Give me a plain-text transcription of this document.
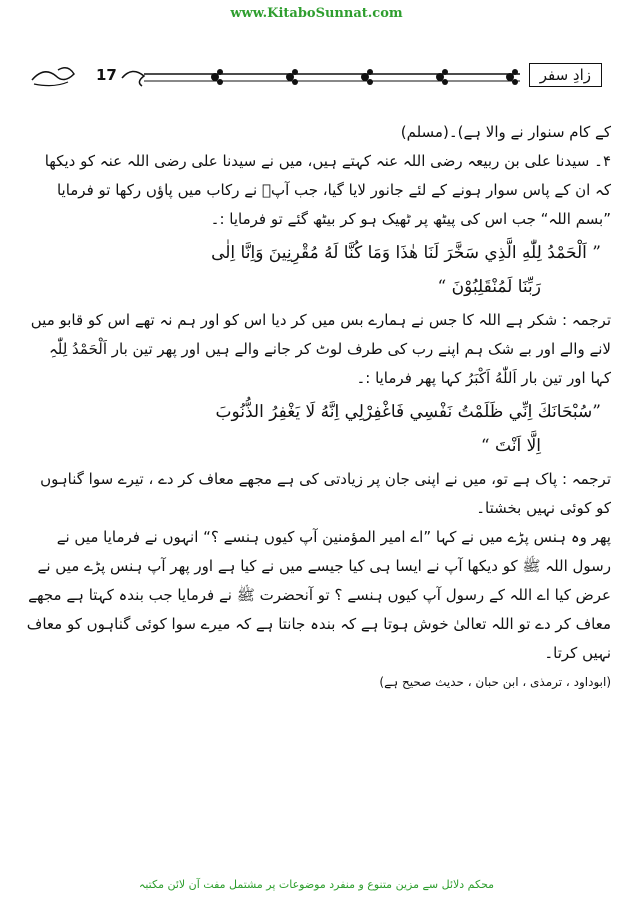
www.KitaboSunnat.com
17	زادِ سفر

کے کام سنوار نے والا ہے)۔(مسلم)

۴۔ سیدنا علی بن ربیعہ رضی اللہ عنہ کہتے ہیں، میں نے سیدنا علی رضی اللہ عنہ کو دیکھا کہ ان کے پاس سوار ہونے کے لئے جانور لایا گیا، جب آپؓ نے رکاب میں پاؤں رکھا تو فرمایا ”بسم اللہ“ جب اس کی پیٹھ پر ٹھیک ہو کر بیٹھ گئے تو فرمایا :۔

” اَلْحَمْدُ لِلّٰهِ الَّذِي سَخَّرَ لَنَا هٰذَا وَمَا كُنَّا لَهُ مُقْرِنِينَ وَاِنَّا اِلٰى
رَبِّنَا لَمُنْقَلِبُوْنَ “

ترجمہ : شکر ہے اللہ کا جس نے ہمارے بس میں کر دیا اس کو اور ہم نہ تھے اس کو قابو میں لانے والے اور بے شک ہم اپنے رب کی طرف لوٹ کر جانے والے ہیں اور پھر تین بار اَلْحَمْدُ لِلّٰہِ کہا اور تین بار اَللّٰهُ اَكْبَرُ کہا پھر فرمایا :۔

”سُبْحَانَكَ اِنِّي ظَلَمْتُ نَفْسِي فَاغْفِرْلِي اِنَّهُ لَا يَغْفِرُ الذُّنُوبَ
اِلَّا اَنْتَ “

ترجمہ : پاک ہے تو، میں نے اپنی جان پر زیادتی کی ہے مجھے معاف کر دے ، تیرے سوا گناہوں کو کوئی نہیں بخشتا۔

پھر وہ ہنس پڑے میں نے کہا ”اے امیر المؤمنین آپ کیوں ہنسے ؟“ انہوں نے فرمایا میں نے رسول اللہ ﷺ کو دیکھا آپ نے ایسا ہی کیا جیسے میں نے کیا ہے اور پھر آپ ہنس پڑے میں نے عرض کیا اے اللہ کے رسول آپ کیوں ہنسے ؟ تو آنحضرت ﷺ نے فرمایا جب بندہ کہتا ہے مجھے معاف کر دے تو اللہ تعالیٰ خوش ہوتا ہے کہ بندہ جانتا ہے کہ میرے سوا کوئی گناہوں کو معاف نہیں کرتا۔

(ابوداود ، ترمذی ، ابن حبان ، حدیث صحیح ہے)

محکم دلائل سے مزین متنوع و منفرد موضوعات پر مشتمل مفت آن لائن مکتبہ
